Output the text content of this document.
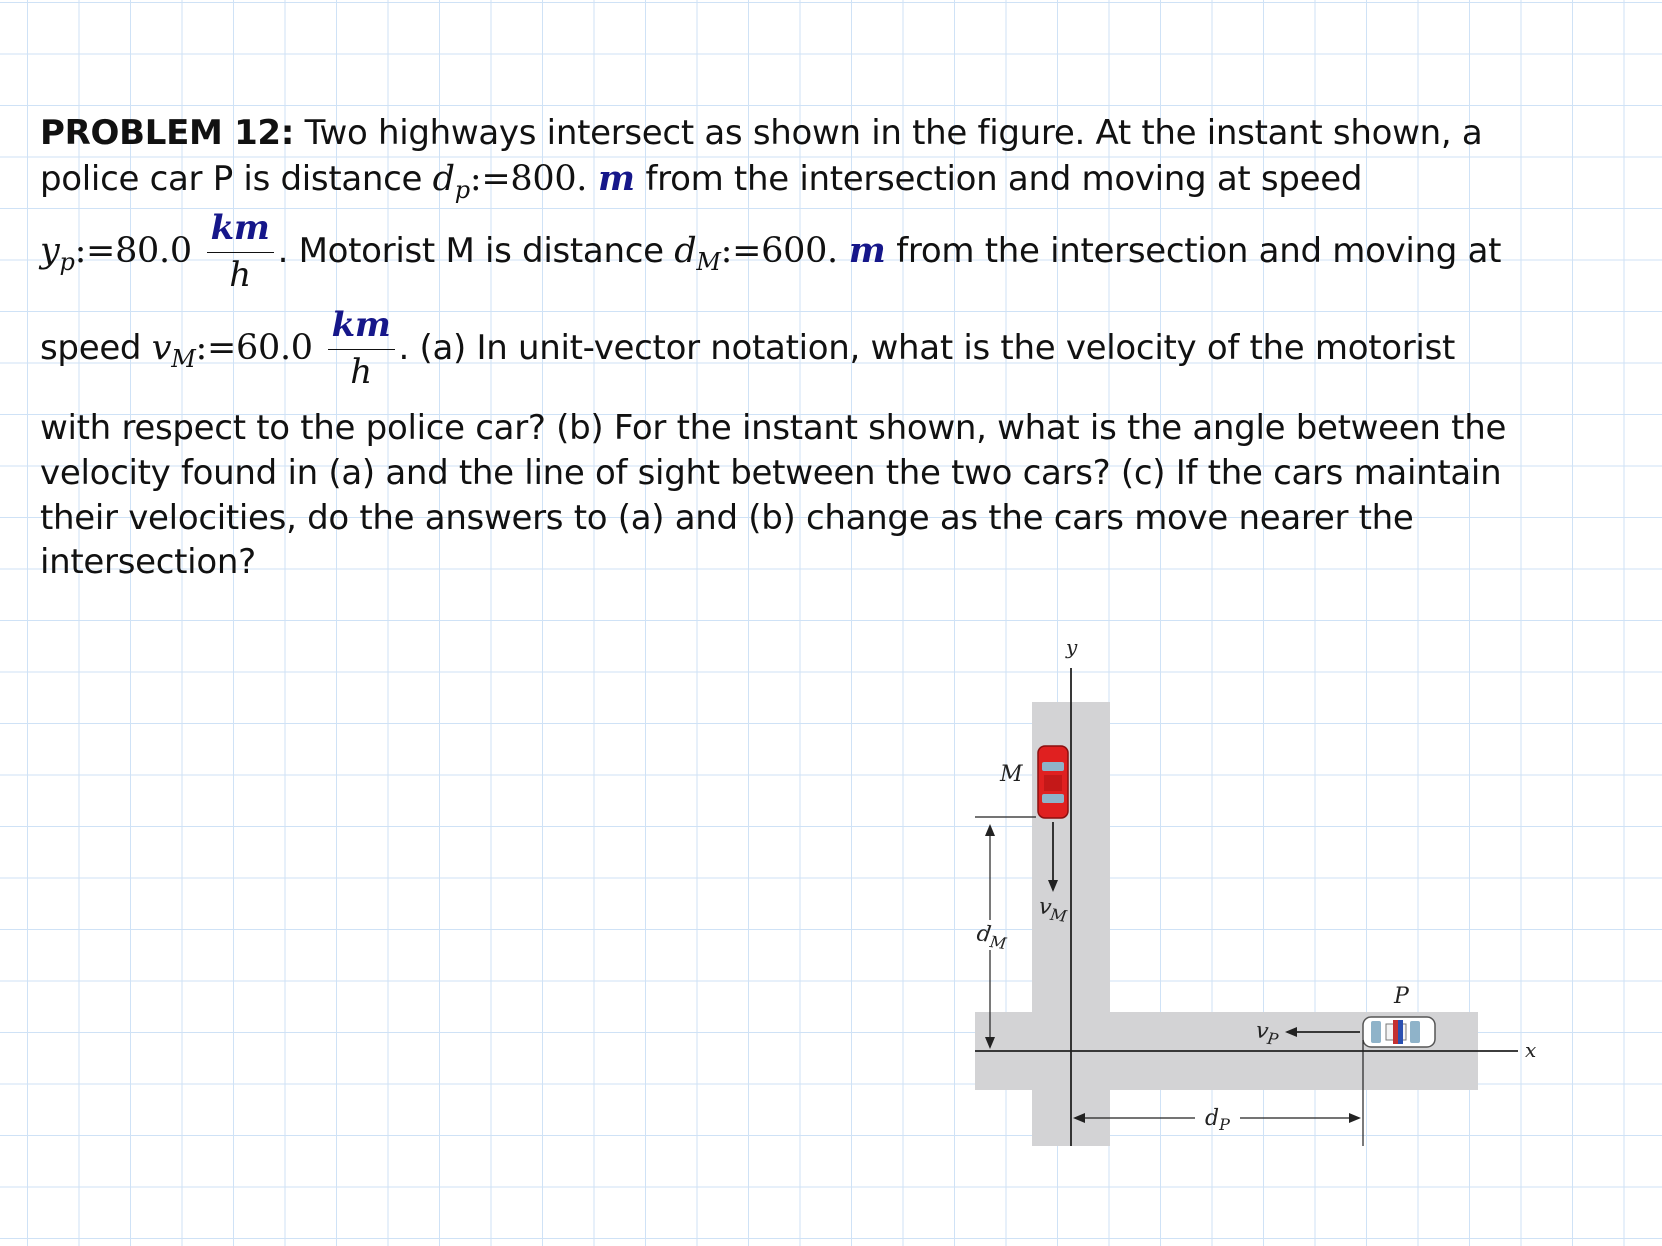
PROBLEM 12: Two highways intersect as shown in the figure. At the instant shown, a
police car P is distance $d_p:=800$. m from the intersection and moving at speed
$y_p:=80.0 \frac{km}{h}$ . Motorist M is distance $d_M:=600$. m from the intersection and moving at
speed $v_M:=60.0 \frac{km}{h}$ . (a) In unit-vector notation, what is the velocity of the motorist
with respect to the police car? (b) For the instant shown, what is the angle between the
velocity found in (a) and the line of sight between the two cars? (c) If the cars maintain
their velocities, do the answers to (a) and (b) change as the cars move nearer the
intersection?
y
x
M
$v_M$
$d_M$
P
$v_P$
$d_P$
